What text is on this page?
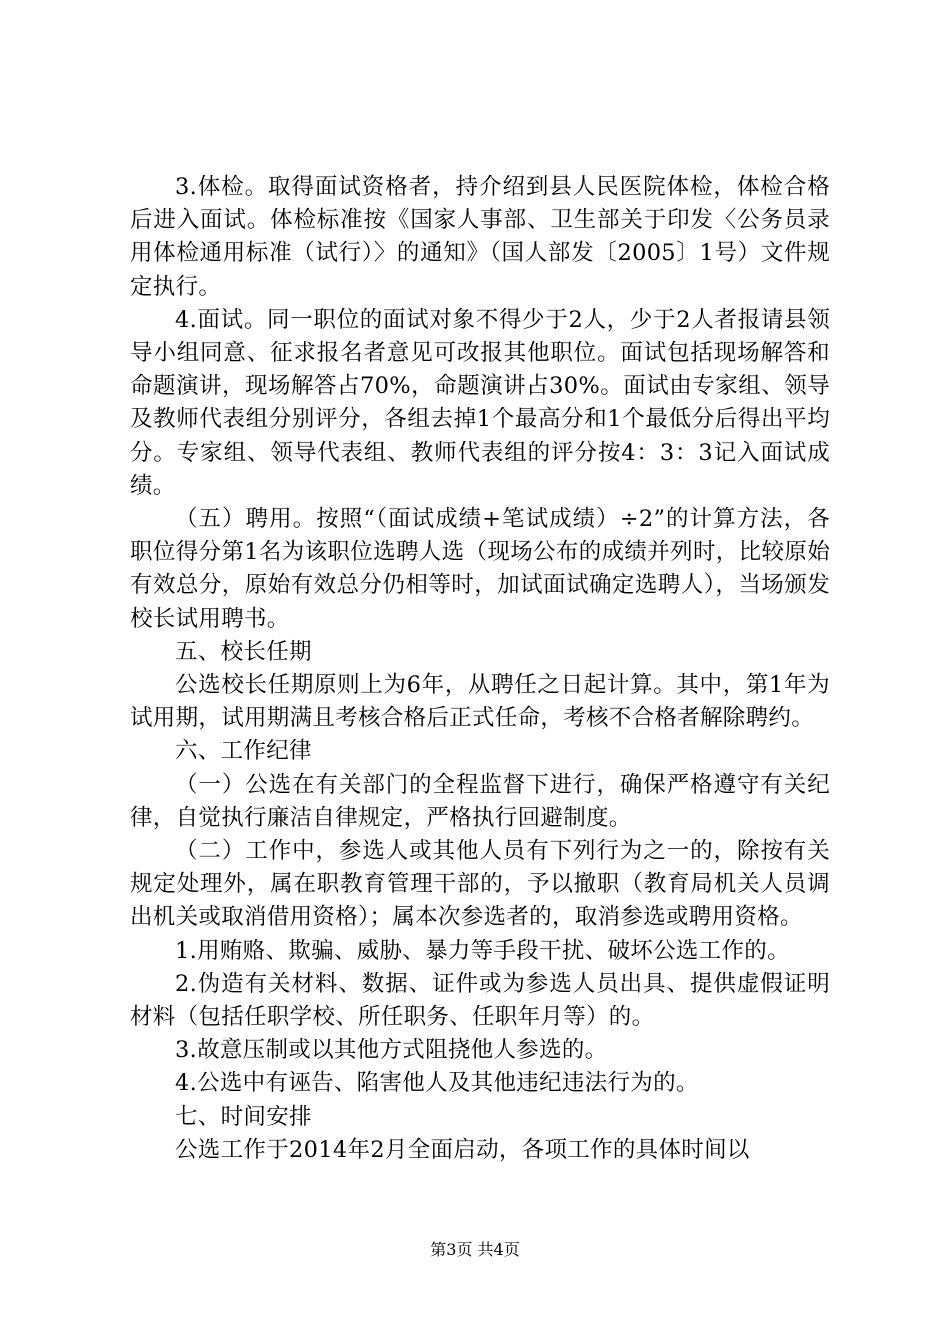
3.体检。取得面试资格者，持介绍到县人民医院体检，体检合格后进入面试。体检标准按《国家人事部、卫生部关于印发〈公务员录用体检通用标准（试行）〉的通知》（国人部发〔2005〕1号）文件规定执行。

4.面试。同一职位的面试对象不得少于2人，少于2人者报请县领导小组同意、征求报名者意见可改报其他职位。面试包括现场解答和命题演讲，现场解答占70%，命题演讲占30%。面试由专家组、领导及教师代表组分别评分，各组去掉1个最高分和1个最低分后得出平均分。专家组、领导代表组、教师代表组的评分按4：3：3记入面试成绩。

（五）聘用。按照“（面试成绩+笔试成绩）÷2”的计算方法，各职位得分第1名为该职位选聘人选（现场公布的成绩并列时，比较原始有效总分，原始有效总分仍相等时，加试面试确定选聘人），当场颁发校长试用聘书。

五、校长任期

公选校长任期原则上为6年，从聘任之日起计算。其中，第1年为试用期，试用期满且考核合格后正式任命，考核不合格者解除聘约。

六、工作纪律

（一）公选在有关部门的全程监督下进行，确保严格遵守有关纪律，自觉执行廉洁自律规定，严格执行回避制度。

（二）工作中，参选人或其他人员有下列行为之一的，除按有关规定处理外，属在职教育管理干部的，予以撤职（教育局机关人员调出机关或取消借用资格）；属本次参选者的，取消参选或聘用资格。

1.用贿赂、欺骗、威胁、暴力等手段干扰、破坏公选工作的。

2.伪造有关材料、数据、证件或为参选人员出具、提供虚假证明材料（包括任职学校、所任职务、任职年月等）的。

3.故意压制或以其他方式阻挠他人参选的。

4.公选中有诬告、陷害他人及其他违纪违法行为的。

七、时间安排

公选工作于2014年2月全面启动，各项工作的具体时间以

第3页 共4页
